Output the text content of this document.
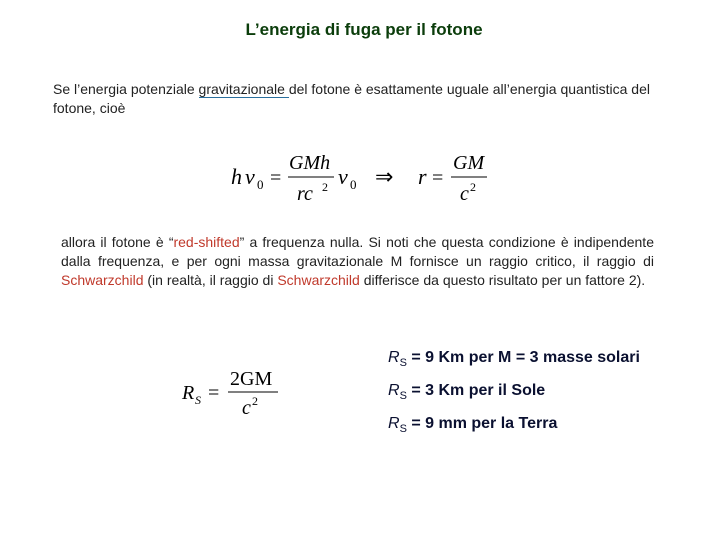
L’energia di fuga per il fotone
Se l’energia potenziale gravitazionale del fotone è esattamente uguale all’energia quantistica del fotone, cioè
h ν 0 =
GMh
rc 2 ν 0 ⇒ r =
GM
c 2
allora il fotone è “red-shifted” a frequenza nulla. Si noti che questa condizione è indipendente dalla frequenza, e per ogni massa gravitazionale M fornisce un raggio critico, il raggio di Schwarzchild (in realtà, il raggio di Schwarzchild differisce da questo risultato per un fattore 2).
R S =
2GM
c 2
$R_S = 9$ Km per M = 3 masse solari
$R_S = 3$ Km per il Sole
$R_S = 9$ mm per la Terra
